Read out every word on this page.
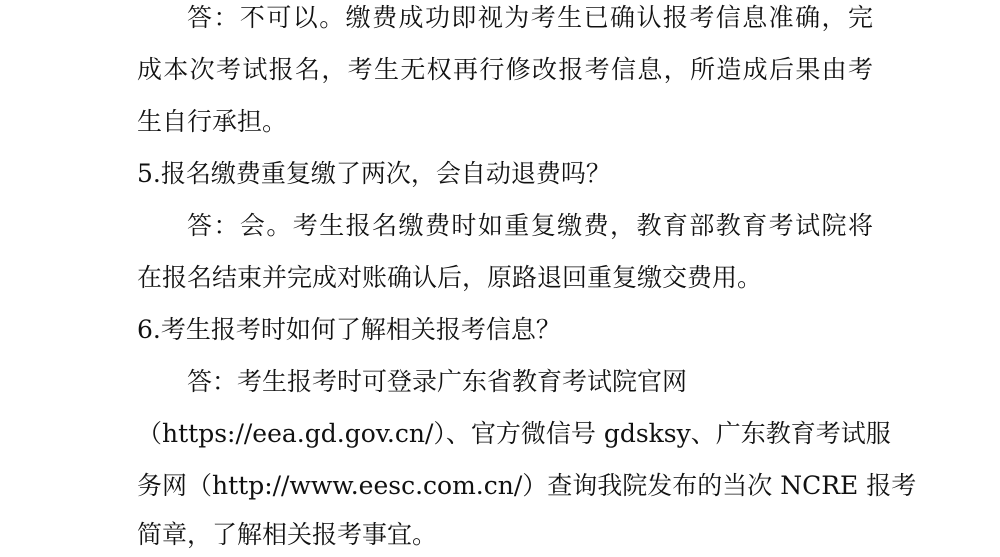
答：不可以。缴费成功即视为考生已确认报考信息准确，完
成本次考试报名，考生无权再行修改报考信息，所造成后果由考
生自行承担。
5.报名缴费重复缴了两次，会自动退费吗？
答：会。考生报名缴费时如重复缴费，教育部教育考试院将
在报名结束并完成对账确认后，原路退回重复缴交费用。
6.考生报考时如何了解相关报考信息？
答：考生报考时可登录广东省教育考试院官网
（https://eea.gd.gov.cn/）、官方微信号 gdsksy、广东教育考试服
务网（http://www.eesc.com.cn/）查询我院发布的当次 NCRE 报考
简章，了解相关报考事宜。
